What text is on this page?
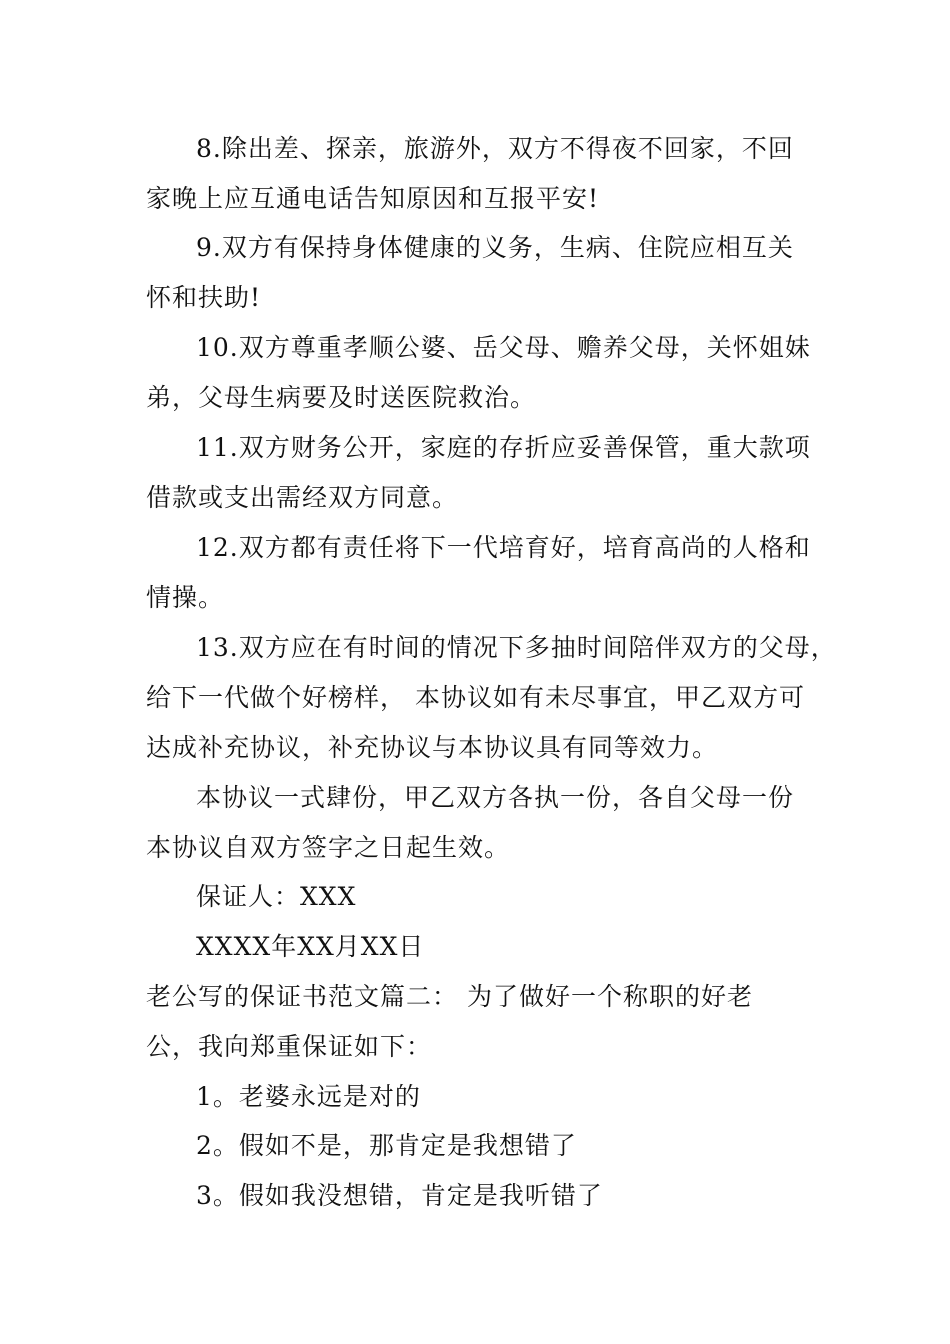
8.除出差、探亲，旅游外，双方不得夜不回家，不回
家晚上应互通电话告知原因和互报平安!
9.双方有保持身体健康的义务，生病、住院应相互关
怀和扶助!
10.双方尊重孝顺公婆、岳父母、赡养父母，关怀姐妹
弟，父母生病要及时送医院救治。
11.双方财务公开，家庭的存折应妥善保管，重大款项
借款或支出需经双方同意。
12.双方都有责任将下一代培育好，培育高尚的人格和
情操。
13.双方应在有时间的情况下多抽时间陪伴双方的父母，
给下一代做个好榜样， 本协议如有未尽事宜，甲乙双方可
达成补充协议，补充协议与本协议具有同等效力。
本协议一式肆份，甲乙双方各执一份，各自父母一份
本协议自双方签字之日起生效。
保证人：XXX
XXXX年XX月XX日
老公写的保证书范文篇二： 为了做好一个称职的好老
公，我向郑重保证如下：
1。老婆永远是对的
2。假如不是，那肯定是我想错了
3。假如我没想错，肯定是我听错了
